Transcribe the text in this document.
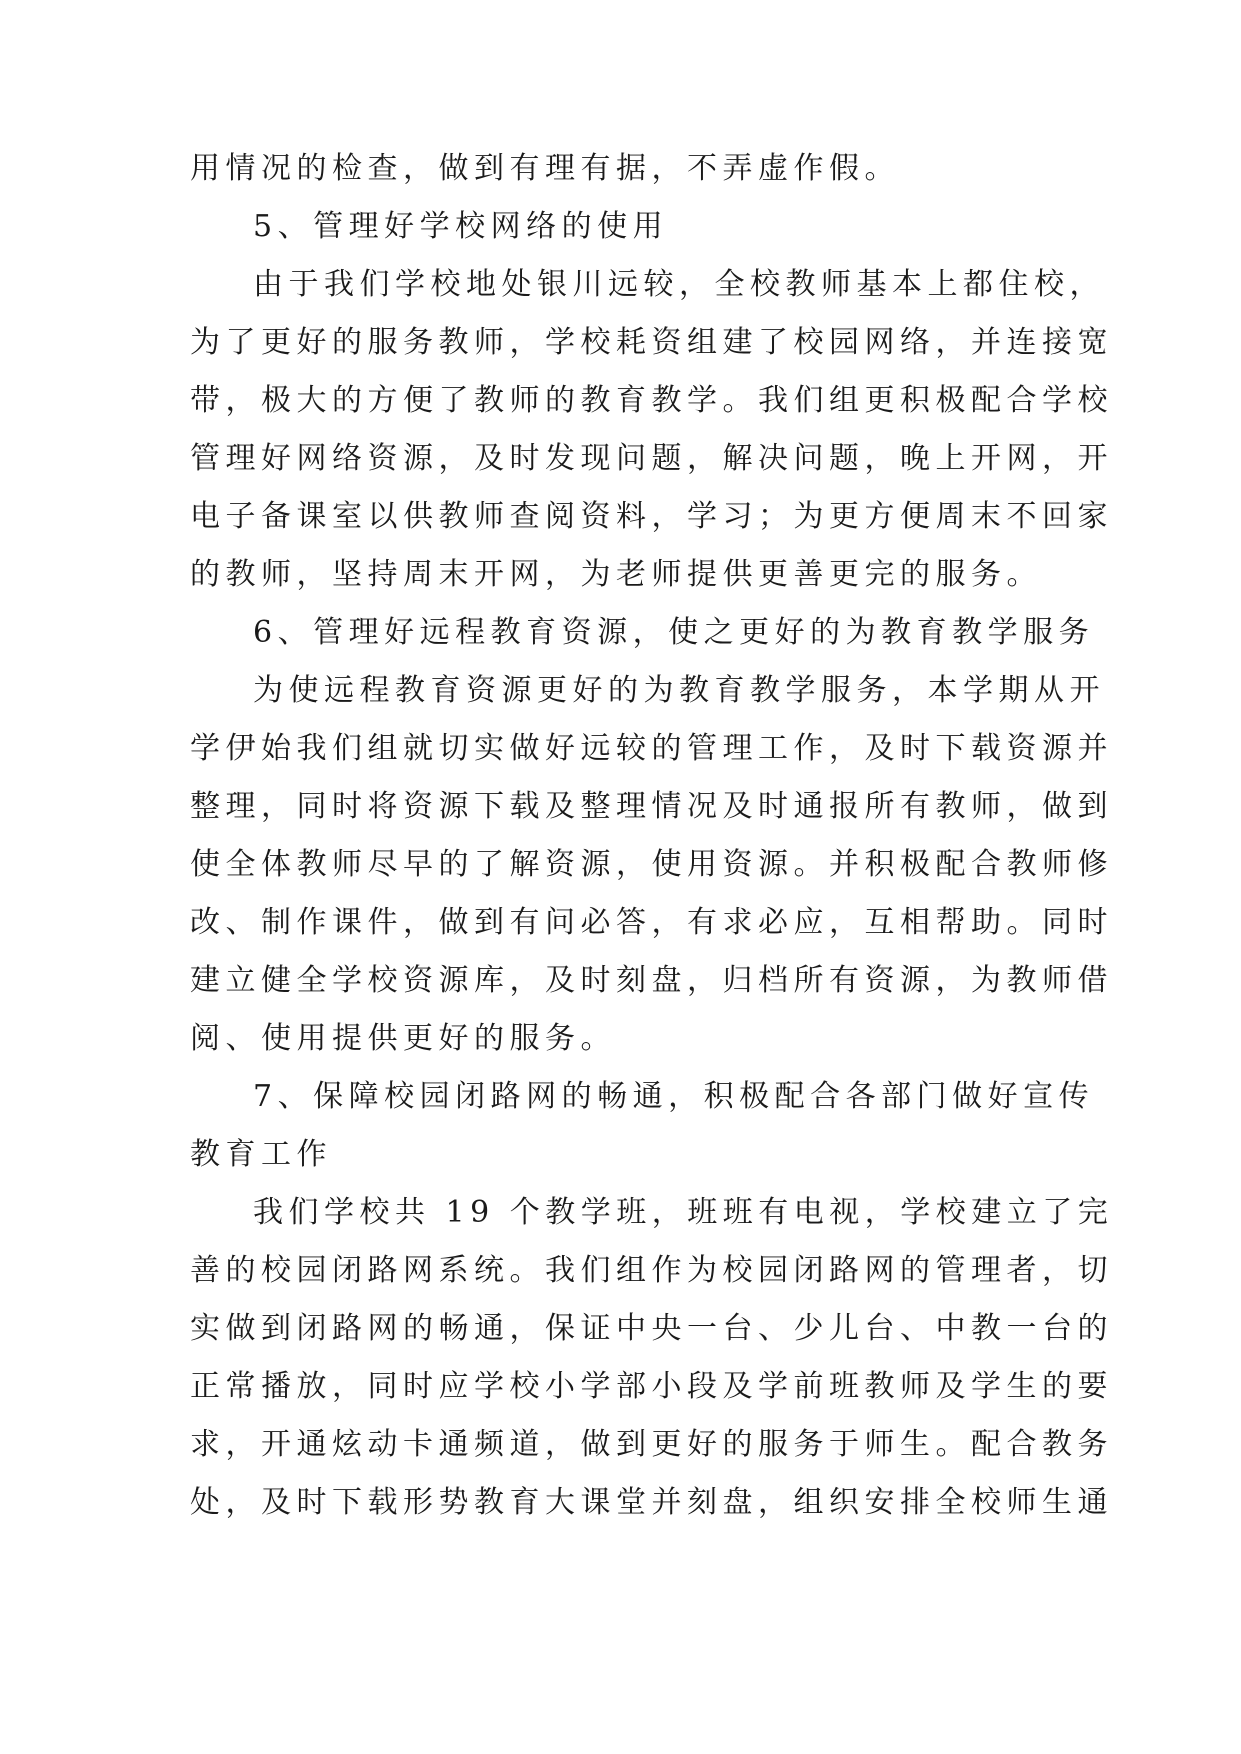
用情况的检查，做到有理有据，不弄虚作假。
5、管理好学校网络的使用
由于我们学校地处银川远较，全校教师基本上都住校，
为了更好的服务教师，学校耗资组建了校园网络，并连接宽
带，极大的方便了教师的教育教学。我们组更积极配合学校
管理好网络资源，及时发现问题，解决问题，晚上开网，开
电子备课室以供教师查阅资料，学习；为更方便周末不回家
的教师，坚持周末开网，为老师提供更善更完的服务。
6、管理好远程教育资源，使之更好的为教育教学服务
为使远程教育资源更好的为教育教学服务，本学期从开
学伊始我们组就切实做好远较的管理工作，及时下载资源并
整理，同时将资源下载及整理情况及时通报所有教师，做到
使全体教师尽早的了解资源，使用资源。并积极配合教师修
改、制作课件，做到有问必答，有求必应，互相帮助。同时
建立健全学校资源库，及时刻盘，归档所有资源，为教师借
阅、使用提供更好的服务。
7、保障校园闭路网的畅通，积极配合各部门做好宣传
教育工作
我们学校共 19 个教学班，班班有电视，学校建立了完
善的校园闭路网系统。我们组作为校园闭路网的管理者，切
实做到闭路网的畅通，保证中央一台、少儿台、中教一台的
正常播放，同时应学校小学部小段及学前班教师及学生的要
求，开通炫动卡通频道，做到更好的服务于师生。配合教务
处，及时下载形势教育大课堂并刻盘，组织安排全校师生通
